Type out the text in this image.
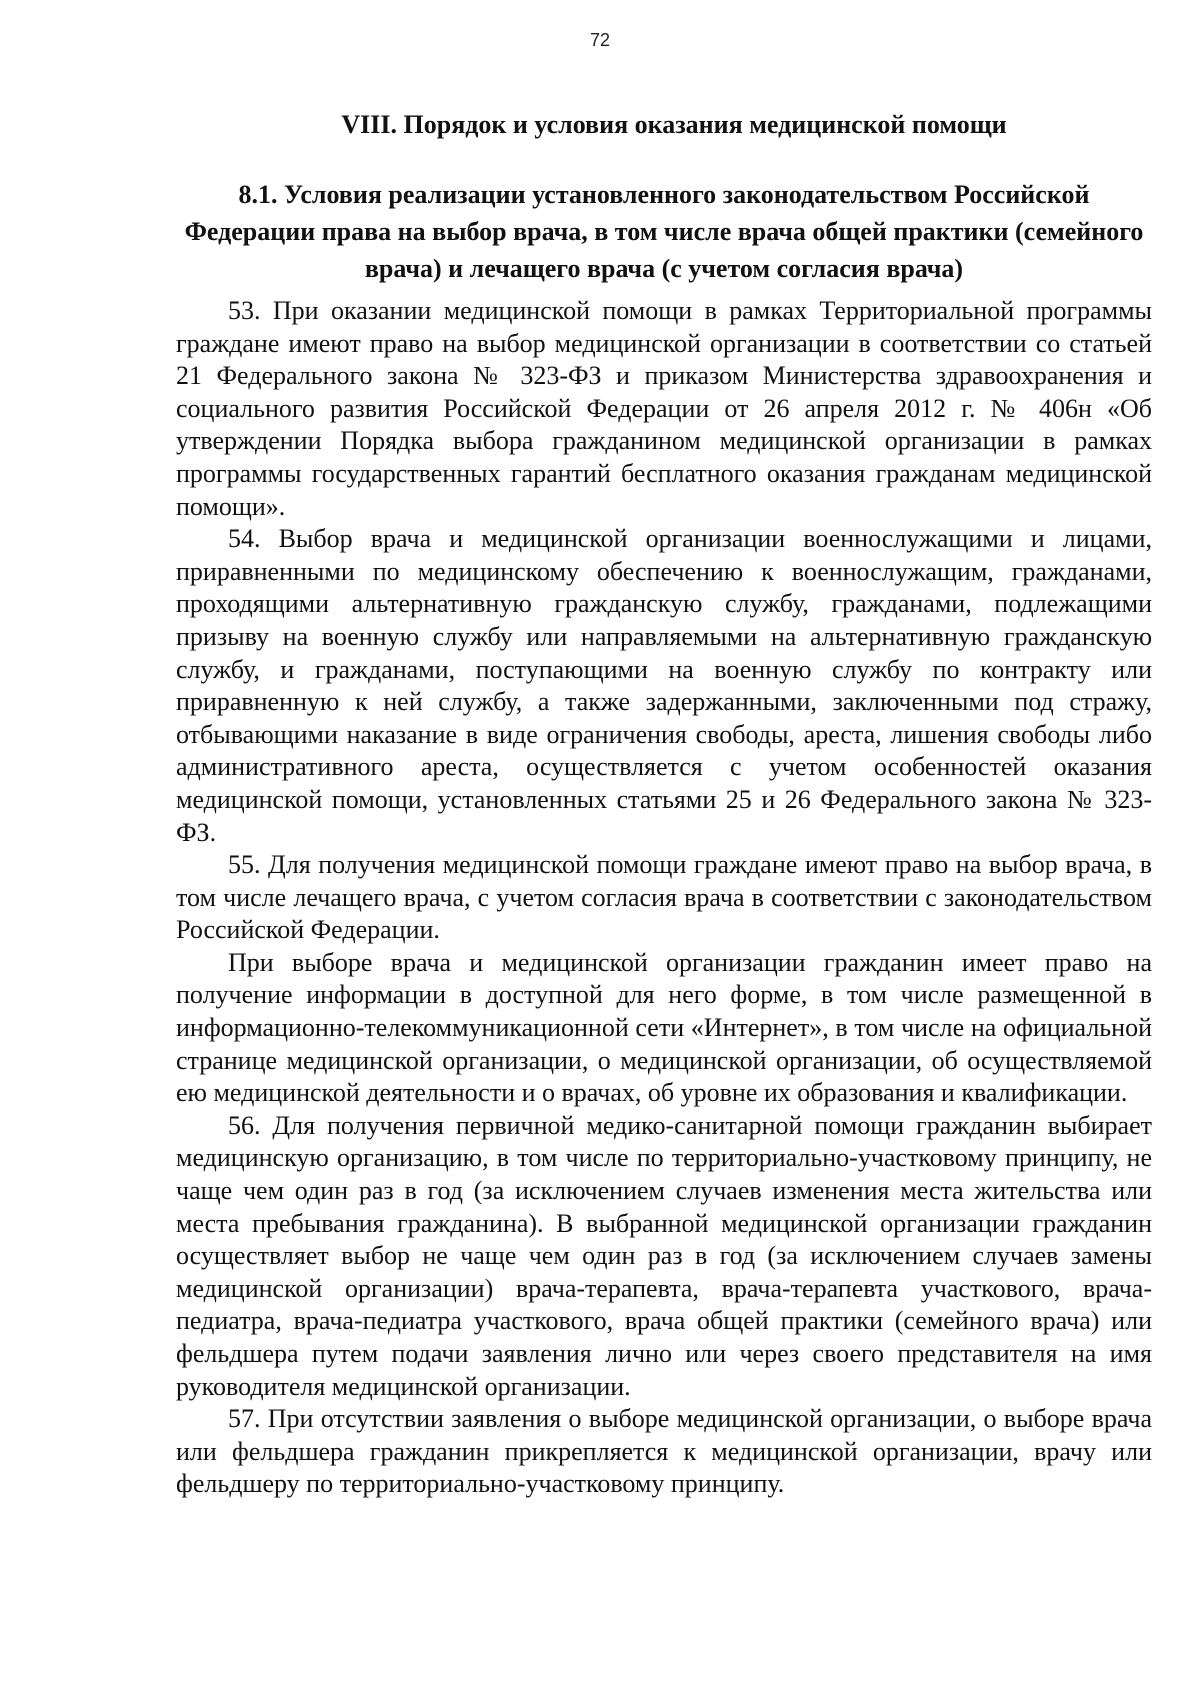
72
VIII. Порядок и условия оказания медицинской помощи
8.1. Условия реализации установленного законодательством Российской Федерации права на выбор врача, в том числе врача общей практики (семейного врача) и лечащего врача (с учетом согласия врача)

53. При оказании медицинской помощи в рамках Территориальной программы граждане имеют право на выбор медицинской организации в соответствии со статьей 21 Федерального закона № 323-ФЗ и приказом Министерства здравоохранения и социального развития Российской Федерации от 26 апреля 2012 г. № 406н «Об утверждении Порядка выбора гражданином медицинской организации в рамках программы государственных гарантий бесплатного оказания гражданам медицинской помощи».

54. Выбор врача и медицинской организации военнослужащими и лицами, приравненными по медицинскому обеспечению к военнослужащим, гражданами, проходящими альтернативную гражданскую службу, гражданами, подлежащими призыву на военную службу или направляемыми на альтернативную гражданскую службу, и гражданами, поступающими на военную службу по контракту или приравненную к ней службу, а также задержанными, заключенными под стражу, отбывающими наказание в виде ограничения свободы, ареста, лишения свободы либо административного ареста, осуществляется с учетом особенностей оказания медицинской помощи, установленных статьями 25 и 26 Федерального закона № 323-ФЗ.

55. Для получения медицинской помощи граждане имеют право на выбор врача, в том числе лечащего врача, с учетом согласия врача в соответствии с законодательством Российской Федерации.

При выборе врача и медицинской организации гражданин имеет право на получение информации в доступной для него форме, в том числе размещенной в информационно-телекоммуникационной сети «Интернет», в том числе на официальной странице медицинской организации, о медицинской организации, об осуществляемой ею медицинской деятельности и о врачах, об уровне их образования и квалификации.

56. Для получения первичной медико-санитарной помощи гражданин выбирает медицинскую организацию, в том числе по территориально-участковому принципу, не чаще чем один раз в год (за исключением случаев изменения места жительства или места пребывания гражданина). В выбранной медицинской организации гражданин осуществляет выбор не чаще чем один раз в год (за исключением случаев замены медицинской организации) врача-терапевта, врача-терапевта участкового, врача-педиатра, врача-педиатра участкового, врача общей практики (семейного врача) или фельдшера путем подачи заявления лично или через своего представителя на имя руководителя медицинской организации.

57. При отсутствии заявления о выборе медицинской организации, о выборе врача или фельдшера гражданин прикрепляется к медицинской организации, врачу или фельдшеру по территориально-участковому принципу.
